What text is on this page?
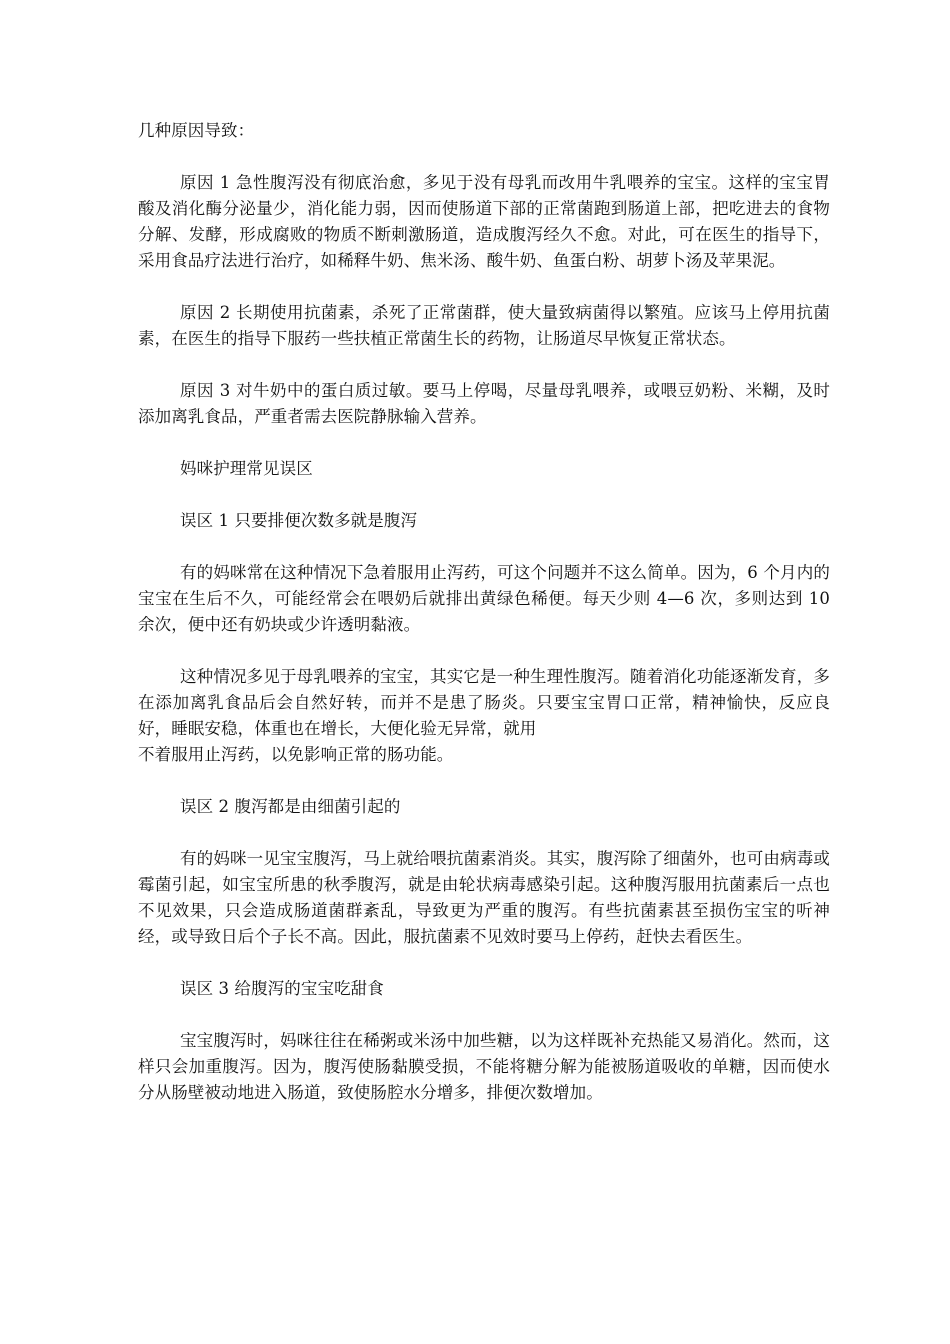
几种原因导致：

原因 1 急性腹泻没有彻底治愈，多见于没有母乳而改用牛乳喂养的宝宝。这样的宝宝胃酸及消化酶分泌量少，消化能力弱，因而使肠道下部的正常菌跑到肠道上部，把吃进去的食物分解、发酵，形成腐败的物质不断刺激肠道，造成腹泻经久不愈。对此，可在医生的指导下，采用食品疗法进行治疗，如稀释牛奶、焦米汤、酸牛奶、鱼蛋白粉、胡萝卜汤及苹果泥。

原因 2 长期使用抗菌素，杀死了正常菌群，使大量致病菌得以繁殖。应该马上停用抗菌素，在医生的指导下服药一些扶植正常菌生长的药物，让肠道尽早恢复正常状态。

原因 3 对牛奶中的蛋白质过敏。要马上停喝，尽量母乳喂养，或喂豆奶粉、米糊，及时添加离乳食品，严重者需去医院静脉输入营养。

妈咪护理常见误区

误区 1 只要排便次数多就是腹泻

有的妈咪常在这种情况下急着服用止泻药，可这个问题并不这么简单。因为，6 个月内的宝宝在生后不久，可能经常会在喂奶后就排出黄绿色稀便。每天少则 4—6 次，多则达到 10 余次，便中还有奶块或少许透明黏液。

这种情况多见于母乳喂养的宝宝，其实它是一种生理性腹泻。随着消化功能逐渐发育，多在添加离乳食品后会自然好转，而并不是患了肠炎。只要宝宝胃口正常，精神愉快，反应良好，睡眠安稳，体重也在增长，大便化验无异常，就用
不着服用止泻药，以免影响正常的肠功能。

误区 2 腹泻都是由细菌引起的

有的妈咪一见宝宝腹泻，马上就给喂抗菌素消炎。其实，腹泻除了细菌外，也可由病毒或霉菌引起，如宝宝所患的秋季腹泻，就是由轮状病毒感染引起。这种腹泻服用抗菌素后一点也不见效果，只会造成肠道菌群紊乱，导致更为严重的腹泻。有些抗菌素甚至损伤宝宝的听神经，或导致日后个子长不高。因此，服抗菌素不见效时要马上停药，赶快去看医生。

误区 3 给腹泻的宝宝吃甜食

宝宝腹泻时，妈咪往往在稀粥或米汤中加些糖，以为这样既补充热能又易消化。然而，这样只会加重腹泻。因为，腹泻使肠黏膜受损，不能将糖分解为能被肠道吸收的单糖，因而使水分从肠壁被动地进入肠道，致使肠腔水分增多，排便次数增加。
